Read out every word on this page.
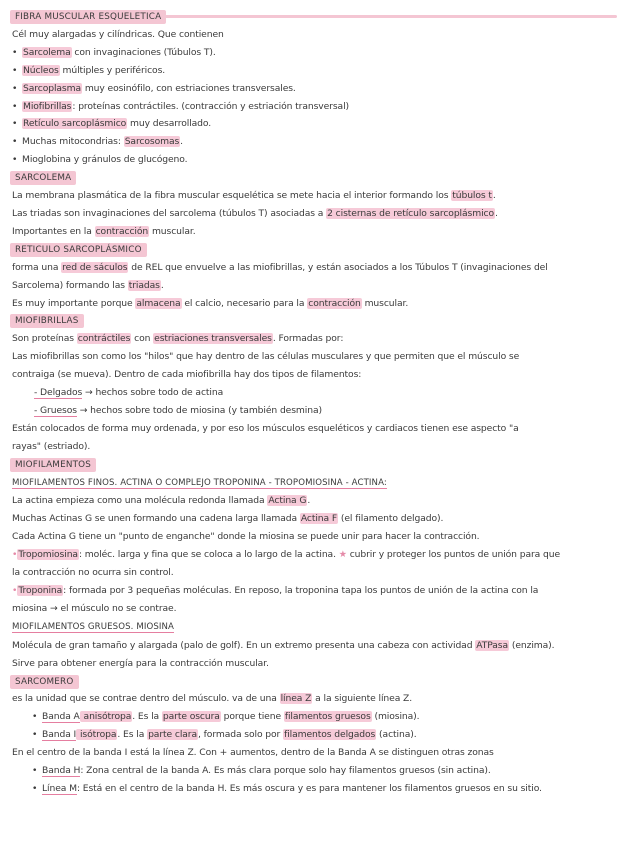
FIBRA MUSCULAR ESQUELETICA
Cél muy alargadas y cilíndricas. Que contienen
• Sarcolema con invaginaciones (Túbulos T).
• Núcleos múltiples y periféricos.
• Sarcoplasma muy eosinófilo, con estriaciones transversales.
• Miofibrillas: proteínas contráctiles. (contracción y estriación transversal)
• Retículo sarcoplásmico muy desarrollado.
• Muchas mitocondrias: Sarcosomas.
• Mioglobina y gránulos de glucógeno.
SARCOLEMA
La membrana plasmática de la fibra muscular esquelética se mete hacia el interior formando los túbulos t.
Las triadas son invaginaciones del sarcolema (túbulos T) asociadas a 2 cisternas de retículo sarcoplásmico.
Importantes en la contracción muscular.
RETICULO SARCOPLÁSMICO
forma una red de sáculos de REL que envuelve a las miofibrillas, y están asociados a los Túbulos T (invaginaciones del
Sarcolema) formando las triadas.
Es muy importante porque almacena el calcio, necesario para la contracción muscular.
MIOFIBRILLAS
Son proteínas contráctiles con estriaciones transversales. Formadas por:
Las miofibrillas son como los "hilos" que hay dentro de las células musculares y que permiten que el músculo se
contraiga (se mueva). Dentro de cada miofibrilla hay dos tipos de filamentos:
- Delgados → hechos sobre todo de actina
- Gruesos → hechos sobre todo de miosina (y también desmina)
Están colocados de forma muy ordenada, y por eso los músculos esqueléticos y cardiacos tienen ese aspecto "a
rayas" (estriado).
MIOFILAMENTOS
MIOFILAMENTOS FINOS. ACTINA O COMPLEJO TROPONINA - TROPOMIOSINA - ACTINA:
La actina empieza como una molécula redonda llamada Actina G.
Muchas Actinas G se unen formando una cadena larga llamada Actina F (el filamento delgado).
Cada Actina G tiene un "punto de enganche" donde la miosina se puede unir para hacer la contracción.
•Tropomiosina: moléc. larga y fina que se coloca a lo largo de la actina. ★ cubrir y proteger los puntos de unión para que
la contracción no ocurra sin control.
•Troponina: formada por 3 pequeñas moléculas. En reposo, la troponina tapa los puntos de unión de la actina con la
miosina → el músculo no se contrae.
MIOFILAMENTOS GRUESOS. MIOSINA
Molécula de gran tamaño y alargada (palo de golf). En un extremo presenta una cabeza con actividad ATPasa (enzima).
Sirve para obtener energía para la contracción muscular.
SARCOMERO
es la unidad que se contrae dentro del músculo. va de una línea Z a la siguiente línea Z.
• Banda A anisótropa. Es la parte oscura porque tiene filamentos gruesos (miosina).
• Banda I isótropa. Es la parte clara, formada solo por filamentos delgados (actina).
En el centro de la banda I está la línea Z. Con + aumentos, dentro de la Banda A se distinguen otras zonas
• Banda H: Zona central de la banda A. Es más clara porque solo hay filamentos gruesos (sin actina).
• Línea M: Está en el centro de la banda H. Es más oscura y es para mantener los filamentos gruesos en su sitio.
